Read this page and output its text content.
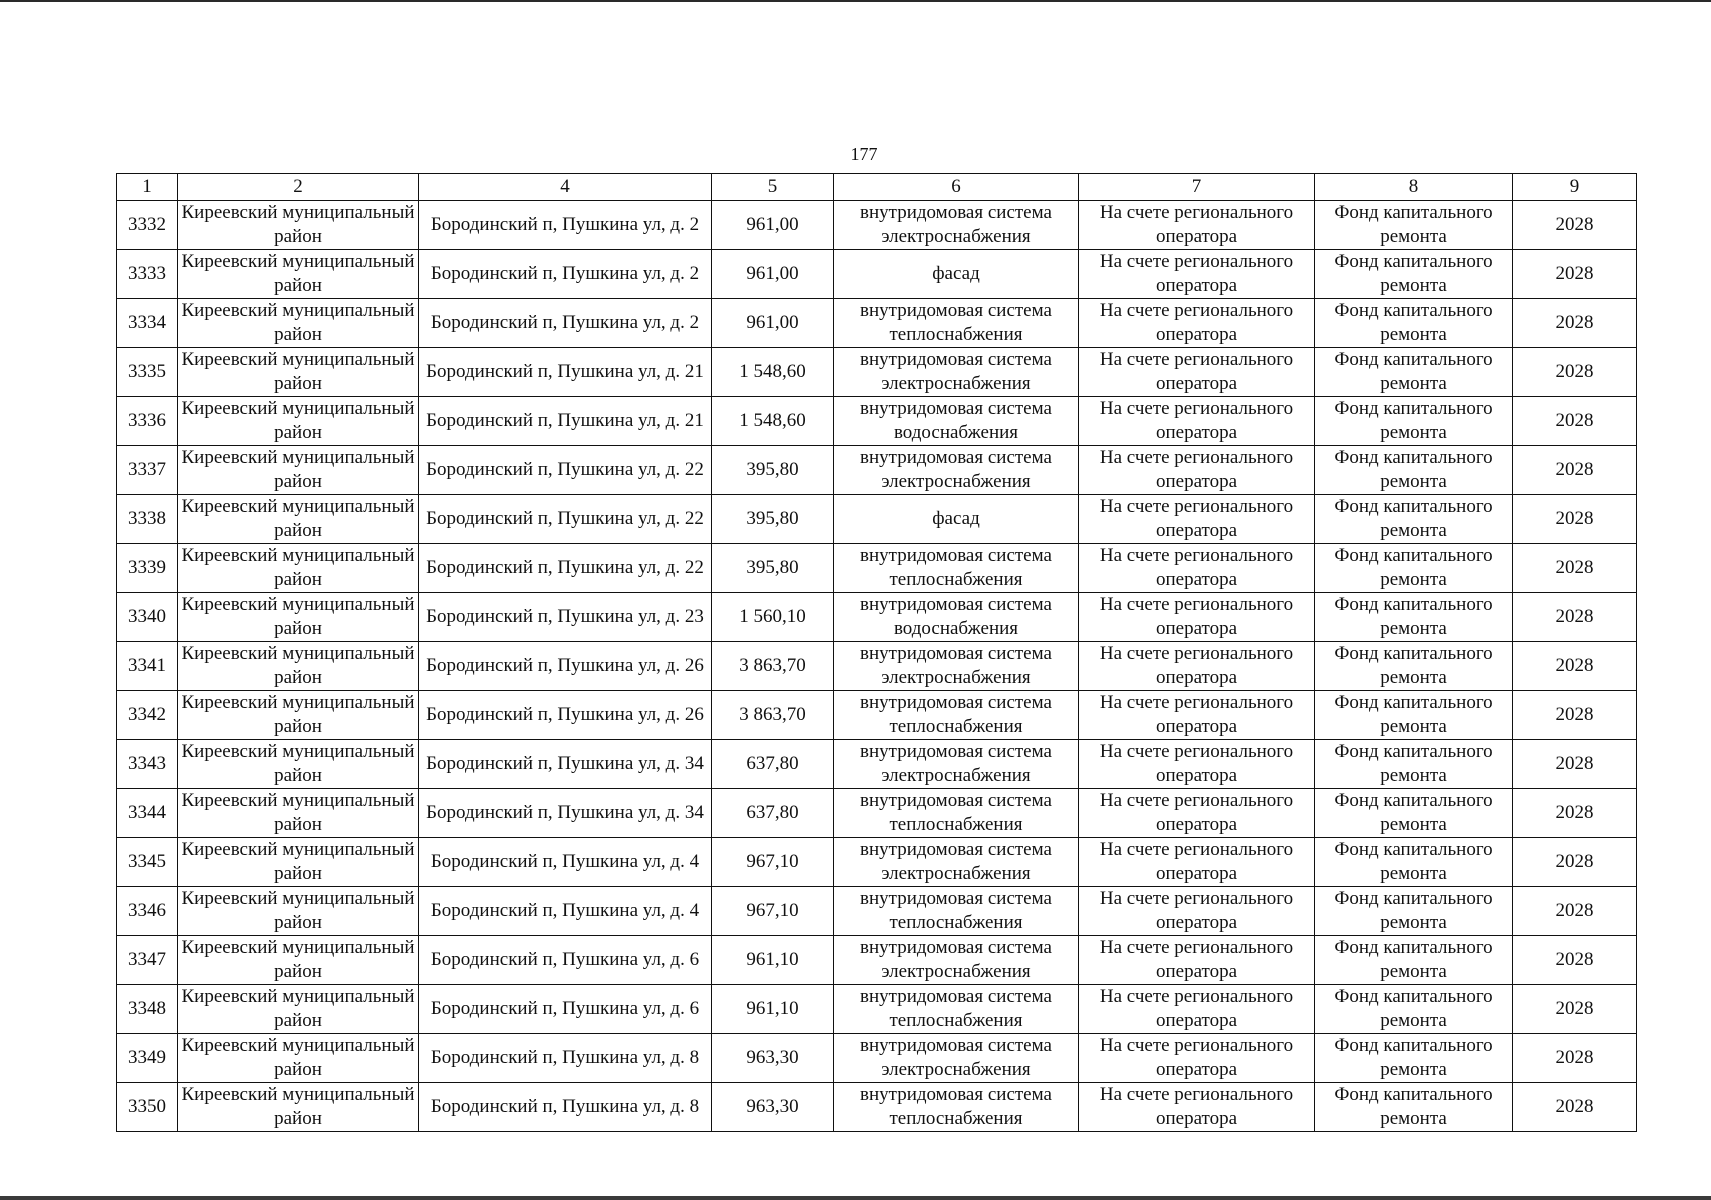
177
1	2	4	5	6	7	8	9
3332	Киреевский муниципальный район	Бородинский п, Пушкина ул, д. 2	961,00	внутридомовая система электроснабжения	На счете регионального оператора	Фонд капитального ремонта	2028
3333	Киреевский муниципальный район	Бородинский п, Пушкина ул, д. 2	961,00	фасад	На счете регионального оператора	Фонд капитального ремонта	2028
3334	Киреевский муниципальный район	Бородинский п, Пушкина ул, д. 2	961,00	внутридомовая система теплоснабжения	На счете регионального оператора	Фонд капитального ремонта	2028
3335	Киреевский муниципальный район	Бородинский п, Пушкина ул, д. 21	1 548,60	внутридомовая система электроснабжения	На счете регионального оператора	Фонд капитального ремонта	2028
3336	Киреевский муниципальный район	Бородинский п, Пушкина ул, д. 21	1 548,60	внутридомовая система водоснабжения	На счете регионального оператора	Фонд капитального ремонта	2028
3337	Киреевский муниципальный район	Бородинский п, Пушкина ул, д. 22	395,80	внутридомовая система электроснабжения	На счете регионального оператора	Фонд капитального ремонта	2028
3338	Киреевский муниципальный район	Бородинский п, Пушкина ул, д. 22	395,80	фасад	На счете регионального оператора	Фонд капитального ремонта	2028
3339	Киреевский муниципальный район	Бородинский п, Пушкина ул, д. 22	395,80	внутридомовая система теплоснабжения	На счете регионального оператора	Фонд капитального ремонта	2028
3340	Киреевский муниципальный район	Бородинский п, Пушкина ул, д. 23	1 560,10	внутридомовая система водоснабжения	На счете регионального оператора	Фонд капитального ремонта	2028
3341	Киреевский муниципальный район	Бородинский п, Пушкина ул, д. 26	3 863,70	внутридомовая система электроснабжения	На счете регионального оператора	Фонд капитального ремонта	2028
3342	Киреевский муниципальный район	Бородинский п, Пушкина ул, д. 26	3 863,70	внутридомовая система теплоснабжения	На счете регионального оператора	Фонд капитального ремонта	2028
3343	Киреевский муниципальный район	Бородинский п, Пушкина ул, д. 34	637,80	внутридомовая система электроснабжения	На счете регионального оператора	Фонд капитального ремонта	2028
3344	Киреевский муниципальный район	Бородинский п, Пушкина ул, д. 34	637,80	внутридомовая система теплоснабжения	На счете регионального оператора	Фонд капитального ремонта	2028
3345	Киреевский муниципальный район	Бородинский п, Пушкина ул, д. 4	967,10	внутридомовая система электроснабжения	На счете регионального оператора	Фонд капитального ремонта	2028
3346	Киреевский муниципальный район	Бородинский п, Пушкина ул, д. 4	967,10	внутридомовая система теплоснабжения	На счете регионального оператора	Фонд капитального ремонта	2028
3347	Киреевский муниципальный район	Бородинский п, Пушкина ул, д. 6	961,10	внутридомовая система электроснабжения	На счете регионального оператора	Фонд капитального ремонта	2028
3348	Киреевский муниципальный район	Бородинский п, Пушкина ул, д. 6	961,10	внутридомовая система теплоснабжения	На счете регионального оператора	Фонд капитального ремонта	2028
3349	Киреевский муниципальный район	Бородинский п, Пушкина ул, д. 8	963,30	внутридомовая система электроснабжения	На счете регионального оператора	Фонд капитального ремонта	2028
3350	Киреевский муниципальный район	Бородинский п, Пушкина ул, д. 8	963,30	внутридомовая система теплоснабжения	На счете регионального оператора	Фонд капитального ремонта	2028
